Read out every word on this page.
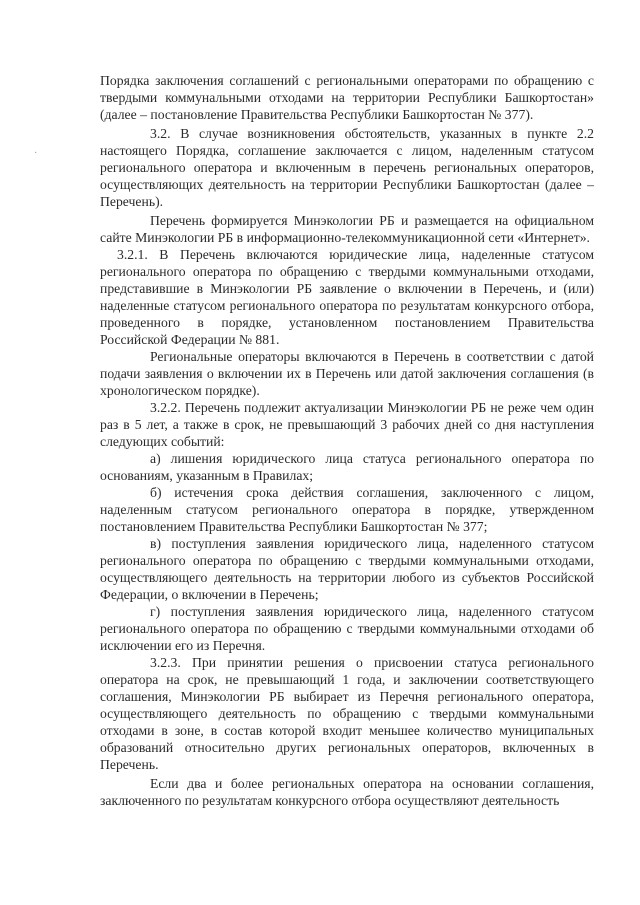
·

Порядка заключения соглашений с региональными операторами по обращению с твердыми коммунальными отходами на территории Республики Башкортостан» (далее – постановление Правительства Республики Башкортостан № 377).

3.2. В случае возникновения обстоятельств, указанных в пункте 2.2 настоящего Порядка, соглашение заключается с лицом, наделенным статусом регионального оператора и включенным в перечень региональных операторов, осуществляющих деятельность на территории Республики Башкортостан (далее – Перечень).

Перечень формируется Минэкологии РБ и размещается на официальном сайте Минэкологии РБ в информационно-телекоммуникационной сети «Интернет».

3.2.1. В Перечень включаются юридические лица, наделенные статусом регионального оператора по обращению с твердыми коммунальными отходами, представившие в Минэкологии РБ заявление о включении в Перечень, и (или) наделенные статусом регионального оператора по результатам конкурсного отбора, проведенного в порядке, установленном постановлением Правительства Российской Федерации № 881.

Региональные операторы включаются в Перечень в соответствии с датой подачи заявления о включении их в Перечень или датой заключения соглашения (в хронологическом порядке).

3.2.2. Перечень подлежит актуализации Минэкологии РБ не реже чем один раз в 5 лет, а также в срок, не превышающий 3 рабочих дней со дня наступления следующих событий:

а) лишения юридического лица статуса регионального оператора по основаниям, указанным в Правилах;

б) истечения срока действия соглашения, заключенного с лицом, наделенным статусом регионального оператора в порядке, утвержденном постановлением Правительства Республики Башкортостан № 377;

в) поступления заявления юридического лица, наделенного статусом регионального оператора по обращению с твердыми коммунальными отходами, осуществляющего деятельность на территории любого из субъектов Российской Федерации, о включении в Перечень;

г) поступления заявления юридического лица, наделенного статусом регионального оператора по обращению с твердыми коммунальными отходами об исключении его из Перечня.

3.2.3. При принятии решения о присвоении статуса регионального оператора на срок, не превышающий 1 года, и заключении соответствующего соглашения, Минэкологии РБ выбирает из Перечня регионального оператора, осуществляющего деятельность по обращению с твердыми коммунальными отходами в зоне, в состав которой входит меньшее количество муниципальных образований относительно других региональных операторов, включенных в Перечень.

Если два и более региональных оператора на основании соглашения, заключенного по результатам конкурсного отбора осуществляют деятельность
